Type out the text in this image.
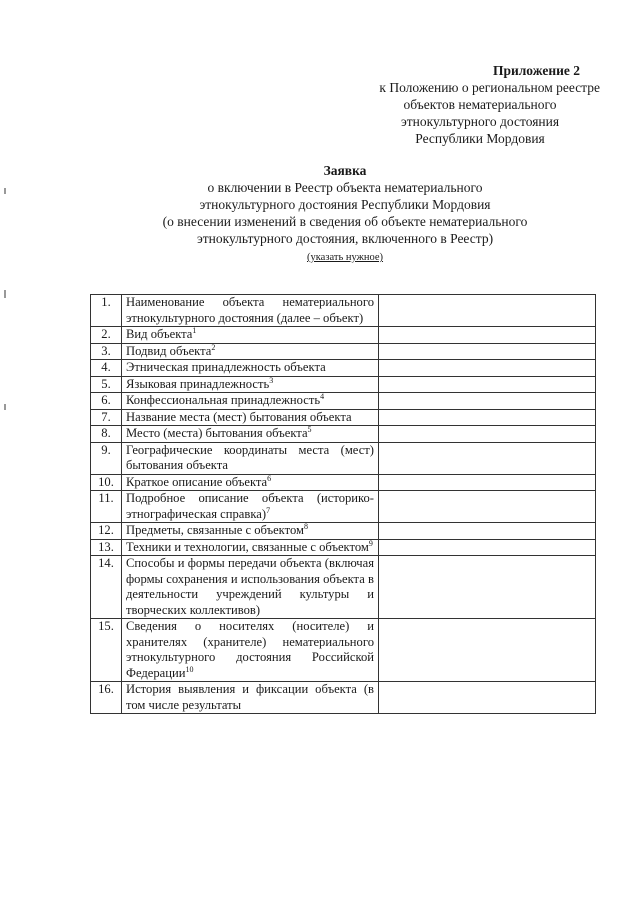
Приложение 2
к Положению о региональном реестре
объектов нематериального
этнокультурного достояния
Республики Мордовия
Заявка
о включении в Реестр объекта нематериального
этнокультурного достояния Республики Мордовия
(о внесении изменений в сведения об объекте нематериального
этнокультурного достояния, включенного в Реестр)
(указать нужное)
1.	Наименование объекта нематериального этнокультурного достояния (далее – объект)	
2.	Вид объекта$^1$	
3.	Подвид объекта$^2$	
4.	Этническая принадлежность объекта	
5.	Языковая принадлежность$^3$	
6.	Конфессиональная принадлежность$^4$	
7.	Название места (мест) бытования объекта	
8.	Место (места) бытования объекта$^5$	
9.	Географические координаты места (мест) бытования объекта	
10.	Краткое описание объекта$^6$	
11.	Подробное описание объекта (историко-этнографическая справка)$^7$	
12.	Предметы, связанные с объектом$^8$	
13.	Техники и технологии, связанные с объектом$^9$	
14.	Способы и формы передачи объекта (включая формы сохранения и использования объекта в деятельности учреждений культуры и творческих коллективов)	
15.	Сведения о носителях (носителе) и хранителях (хранителе) нематериального этнокультурного достояния Российской Федерации$^{10}$	
16.	История выявления и фиксации объекта (в том числе результаты	
